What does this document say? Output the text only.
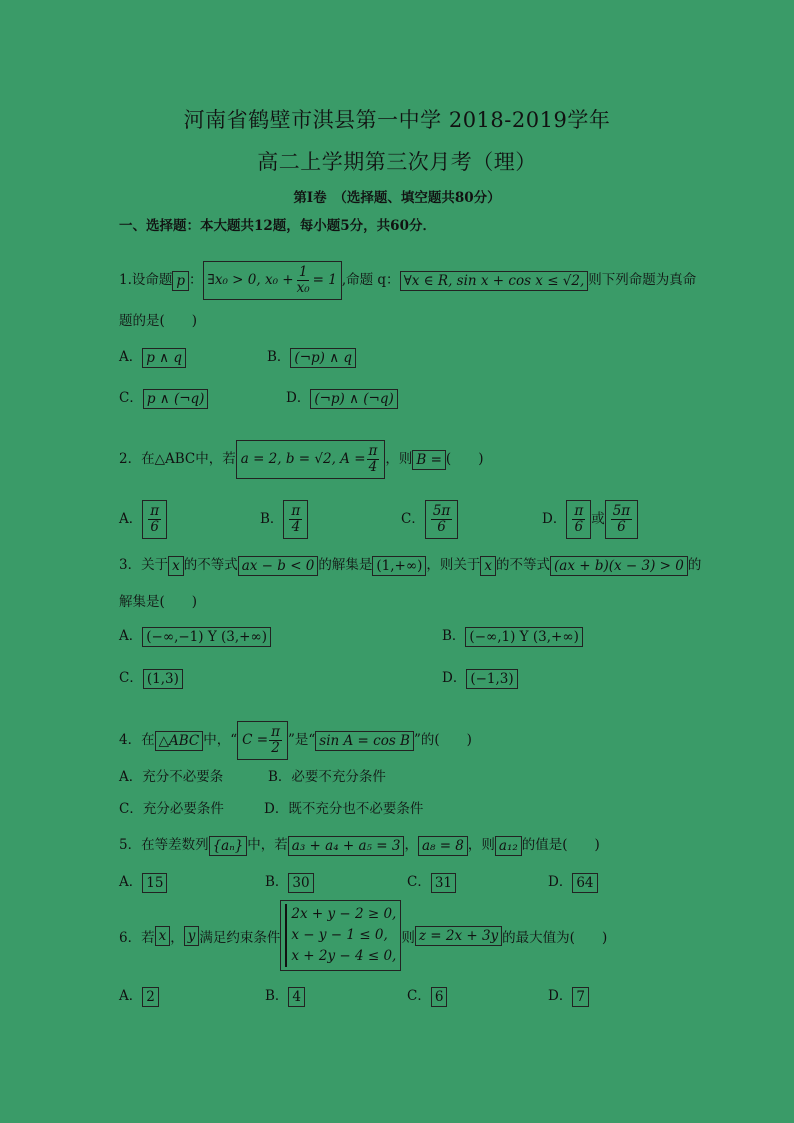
河南省鹤壁市淇县第一中学 2018-2019学年
高二上学期第三次月考（理）
第Ⅰ卷　（选择题、填空题共80分）
一、选择题：本大题共12题，每小题5分，共60分．
1.设命题 p ： ∃x₀ > 0, $x_0 + \frac{1}{\text{x₀}} = 1$ ,命题 q： ∀x ∈ R, sin x + cos x ≤ √2, 则下列命题为真命
题的是(　　)
A． p ∧ q	B． (¬p) ∧ q
C． p ∧ (¬q)	D． (¬p) ∧ (¬q)
2．在△ABC中，若 a = 2, b = √2, $A = \frac{\pi}{4}$ ，则 B = (　　)
A． $\frac{\pi}{6}$	B． $\frac{\pi}{4}$	C． $\frac{5\pi}{6}$	D． $\frac{\pi}{6}$ 或 $\frac{5\pi}{6}$
3．关于 x 的不等式 ax − b < 0 的解集是 (1,+∞) ，则关于 x 的不等式 (ax + b)(x − 3) > 0 的
解集是(　　)
A． (−∞,−1) Y (3,+∞)	B． (−∞,1) Y (3,+∞)
C． (1,3)	D． (−1,3)
4．在 △ABC 中，“ $C = \frac{\pi}{2}$ ”是“ sin A = cos B ”的(　　)
A．充分不必要条	B．必要不充分条件
C．充分必要条件	D．既不充分也不必要条件
5．在等差数列 {aₙ} 中，若 a₃ + a₄ + a₅ = 3 ， a₈ = 8 ，则 a₁₂ 的值是(　　)
A． 15	B． 30	C． 31	D． 64
6．若 x ， y 满足约束条件
2x + y − 2 ≥ 0,
x − y − 1 ≤ 0,
x + 2y − 4 ≤ 0,
则 z = 2x + 3y 的最大值为(　　)
A． 2	B． 4	C． 6	D． 7
